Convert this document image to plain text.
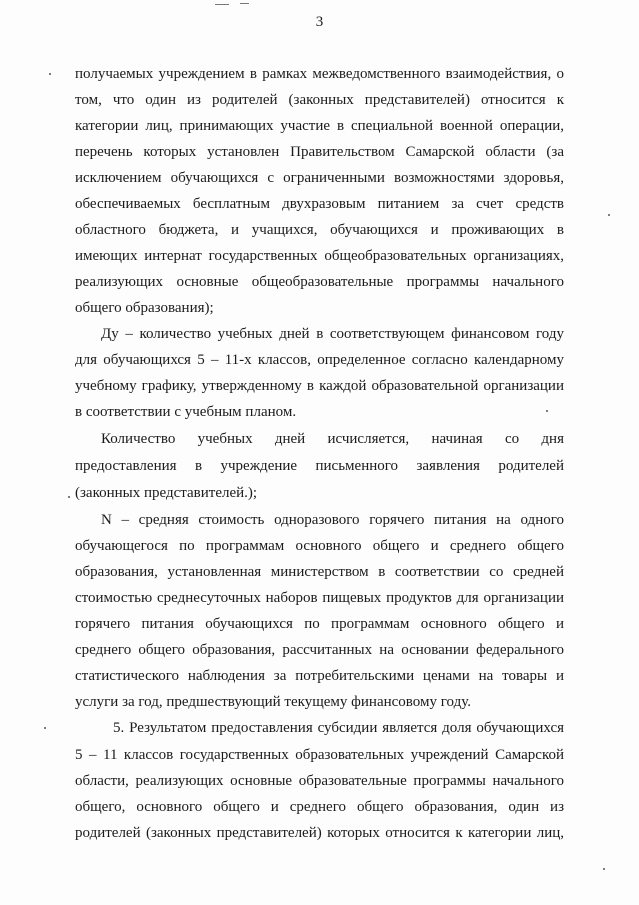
3
получаемых учреждением в рамках межведомственного взаимодействия, о
том, что один из родителей (законных представителей) относится к
категории лиц, принимающих участие в специальной военной операции,
перечень которых установлен Правительством Самарской области (за
исключением обучающихся с ограниченными возможностями здоровья,
обеспечиваемых бесплатным двухразовым питанием за счет средств
областного бюджета, и учащихся, обучающихся и проживающих в
имеющих интернат государственных общеобразовательных организациях,
реализующих основные общеобразовательные программы начального
общего образования);
Ду – количество учебных дней в соответствующем финансовом году
для обучающихся 5 – 11-х классов, определенное согласно календарному
учебному графику, утвержденному в каждой образовательной организации
в соответствии с учебным планом.
Количество учебных дней исчисляется, начиная со дня
предоставления в учреждение письменного заявления родителей
(законных представителей.);
N – средняя стоимость одноразового горячего питания на одного
обучающегося по программам основного общего и среднего общего
образования, установленная министерством в соответствии со средней
стоимостью среднесуточных наборов пищевых продуктов для организации
горячего питания обучающихся по программам основного общего и
среднего общего образования, рассчитанных на основании федерального
статистического наблюдения за потребительскими ценами на товары и
услуги за год, предшествующий текущему финансовому году.
5. Результатом предоставления субсидии является доля обучающихся
5 – 11 классов государственных образовательных учреждений Самарской
области, реализующих основные образовательные программы начального
общего, основного общего и среднего общего образования, один из
родителей (законных представителей) которых относится к категории лиц,
